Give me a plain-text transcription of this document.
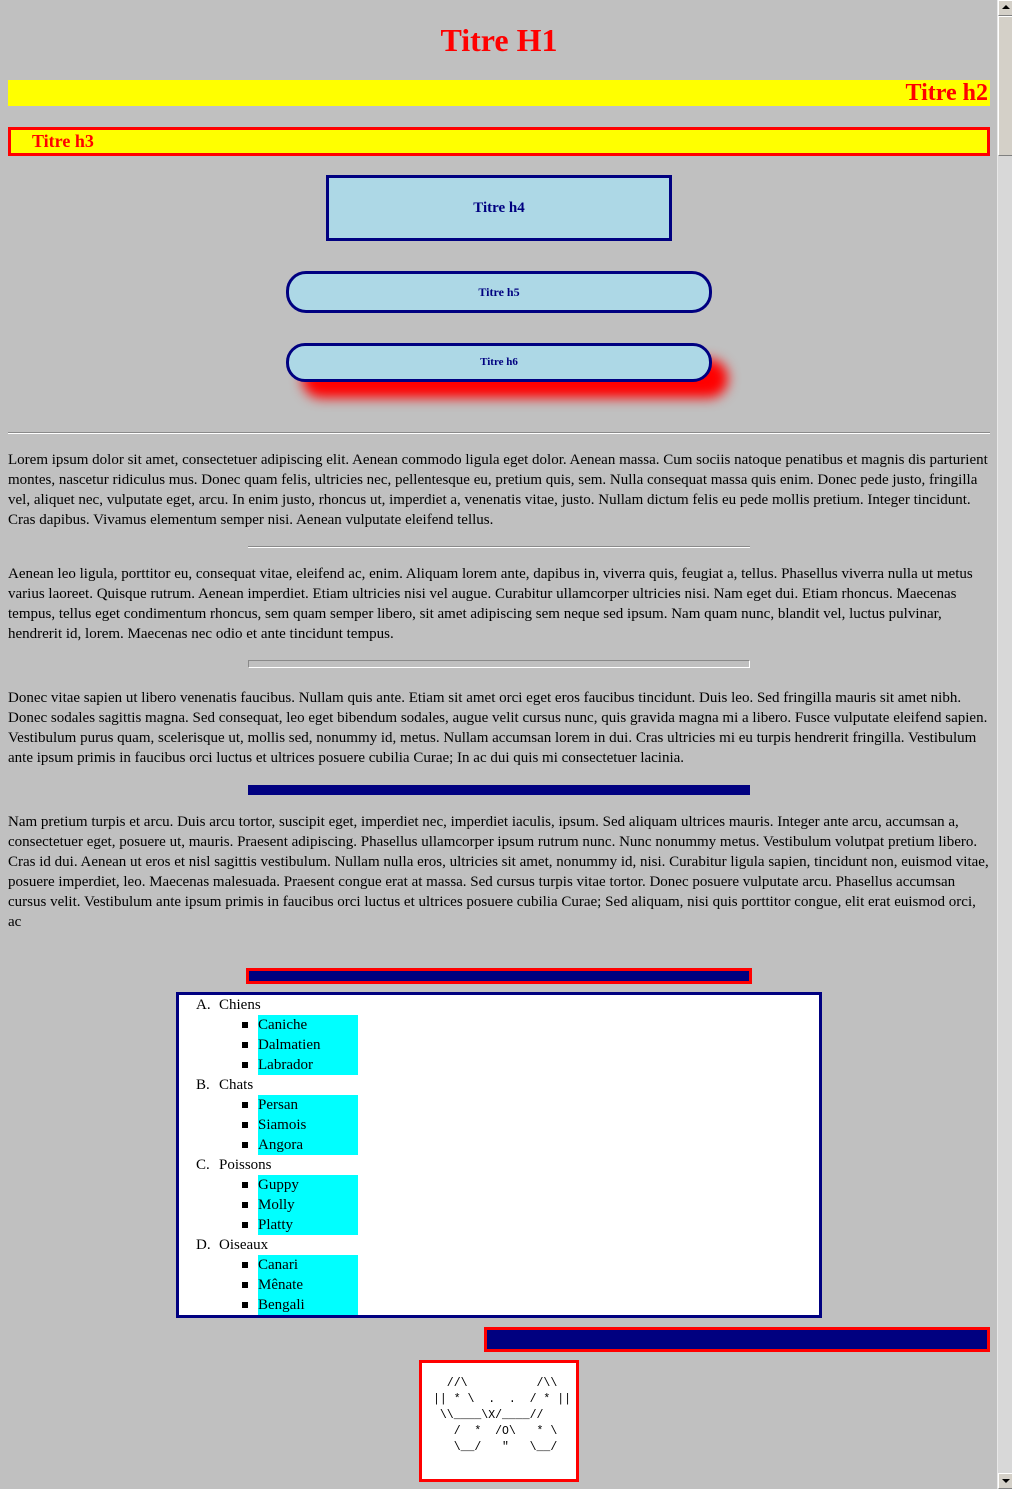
Titre H1
Titre h2
Titre h3
Titre h4
Titre h5
Titre h6

Lorem ipsum dolor sit amet, consectetuer adipiscing elit. Aenean commodo ligula eget dolor. Aenean massa. Cum sociis natoque penatibus et magnis dis parturient montes, nascetur ridiculus mus. Donec quam felis, ultricies nec, pellentesque eu, pretium quis, sem. Nulla consequat massa quis enim. Donec pede justo, fringilla vel, aliquet nec, vulputate eget, arcu. In enim justo, rhoncus ut, imperdiet a, venenatis vitae, justo. Nullam dictum felis eu pede mollis pretium. Integer tincidunt. Cras dapibus. Vivamus elementum semper nisi. Aenean vulputate eleifend tellus.

Aenean leo ligula, porttitor eu, consequat vitae, eleifend ac, enim. Aliquam lorem ante, dapibus in, viverra quis, feugiat a, tellus. Phasellus viverra nulla ut metus varius laoreet. Quisque rutrum. Aenean imperdiet. Etiam ultricies nisi vel augue. Curabitur ullamcorper ultricies nisi. Nam eget dui. Etiam rhoncus. Maecenas tempus, tellus eget condimentum rhoncus, sem quam semper libero, sit amet adipiscing sem neque sed ipsum. Nam quam nunc, blandit vel, luctus pulvinar, hendrerit id, lorem. Maecenas nec odio et ante tincidunt tempus.

Donec vitae sapien ut libero venenatis faucibus. Nullam quis ante. Etiam sit amet orci eget eros faucibus tincidunt. Duis leo. Sed fringilla mauris sit amet nibh. Donec sodales sagittis magna. Sed consequat, leo eget bibendum sodales, augue velit cursus nunc, quis gravida magna mi a libero. Fusce vulputate eleifend sapien. Vestibulum purus quam, scelerisque ut, mollis sed, nonummy id, metus. Nullam accumsan lorem in dui. Cras ultricies mi eu turpis hendrerit fringilla. Vestibulum ante ipsum primis in faucibus orci luctus et ultrices posuere cubilia Curae; In ac dui quis mi consectetuer lacinia.

Nam pretium turpis et arcu. Duis arcu tortor, suscipit eget, imperdiet nec, imperdiet iaculis, ipsum. Sed aliquam ultrices mauris. Integer ante arcu, accumsan a, consectetuer eget, posuere ut, mauris. Praesent adipiscing. Phasellus ullamcorper ipsum rutrum nunc. Nunc nonummy metus. Vestibulum volutpat pretium libero. Cras id dui. Aenean ut eros et nisl sagittis vestibulum. Nullam nulla eros, ultricies sit amet, nonummy id, nisi. Curabitur ligula sapien, tincidunt non, euismod vitae, posuere imperdiet, leo. Maecenas malesuada. Praesent congue erat at massa. Sed cursus turpis vitae tortor. Donec posuere vulputate arcu. Phasellus accumsan cursus velit. Vestibulum ante ipsum primis in faucibus orci luctus et ultrices posuere cubilia Curae; Sed aliquam, nisi quis porttitor congue, elit erat euismod orci, ac

A. Chiens
Caniche
Dalmatien
Labrador
B. Chats
Persan
Siamois
Angora
C. Poissons
Guppy
Molly
Platty
D. Oiseaux
Canari
Mênate
Bengali
//\          /\\
|| * \  .  .  / * ||
\\____\X/____//
/  *  /O\   * \
\__/   "   \__/
